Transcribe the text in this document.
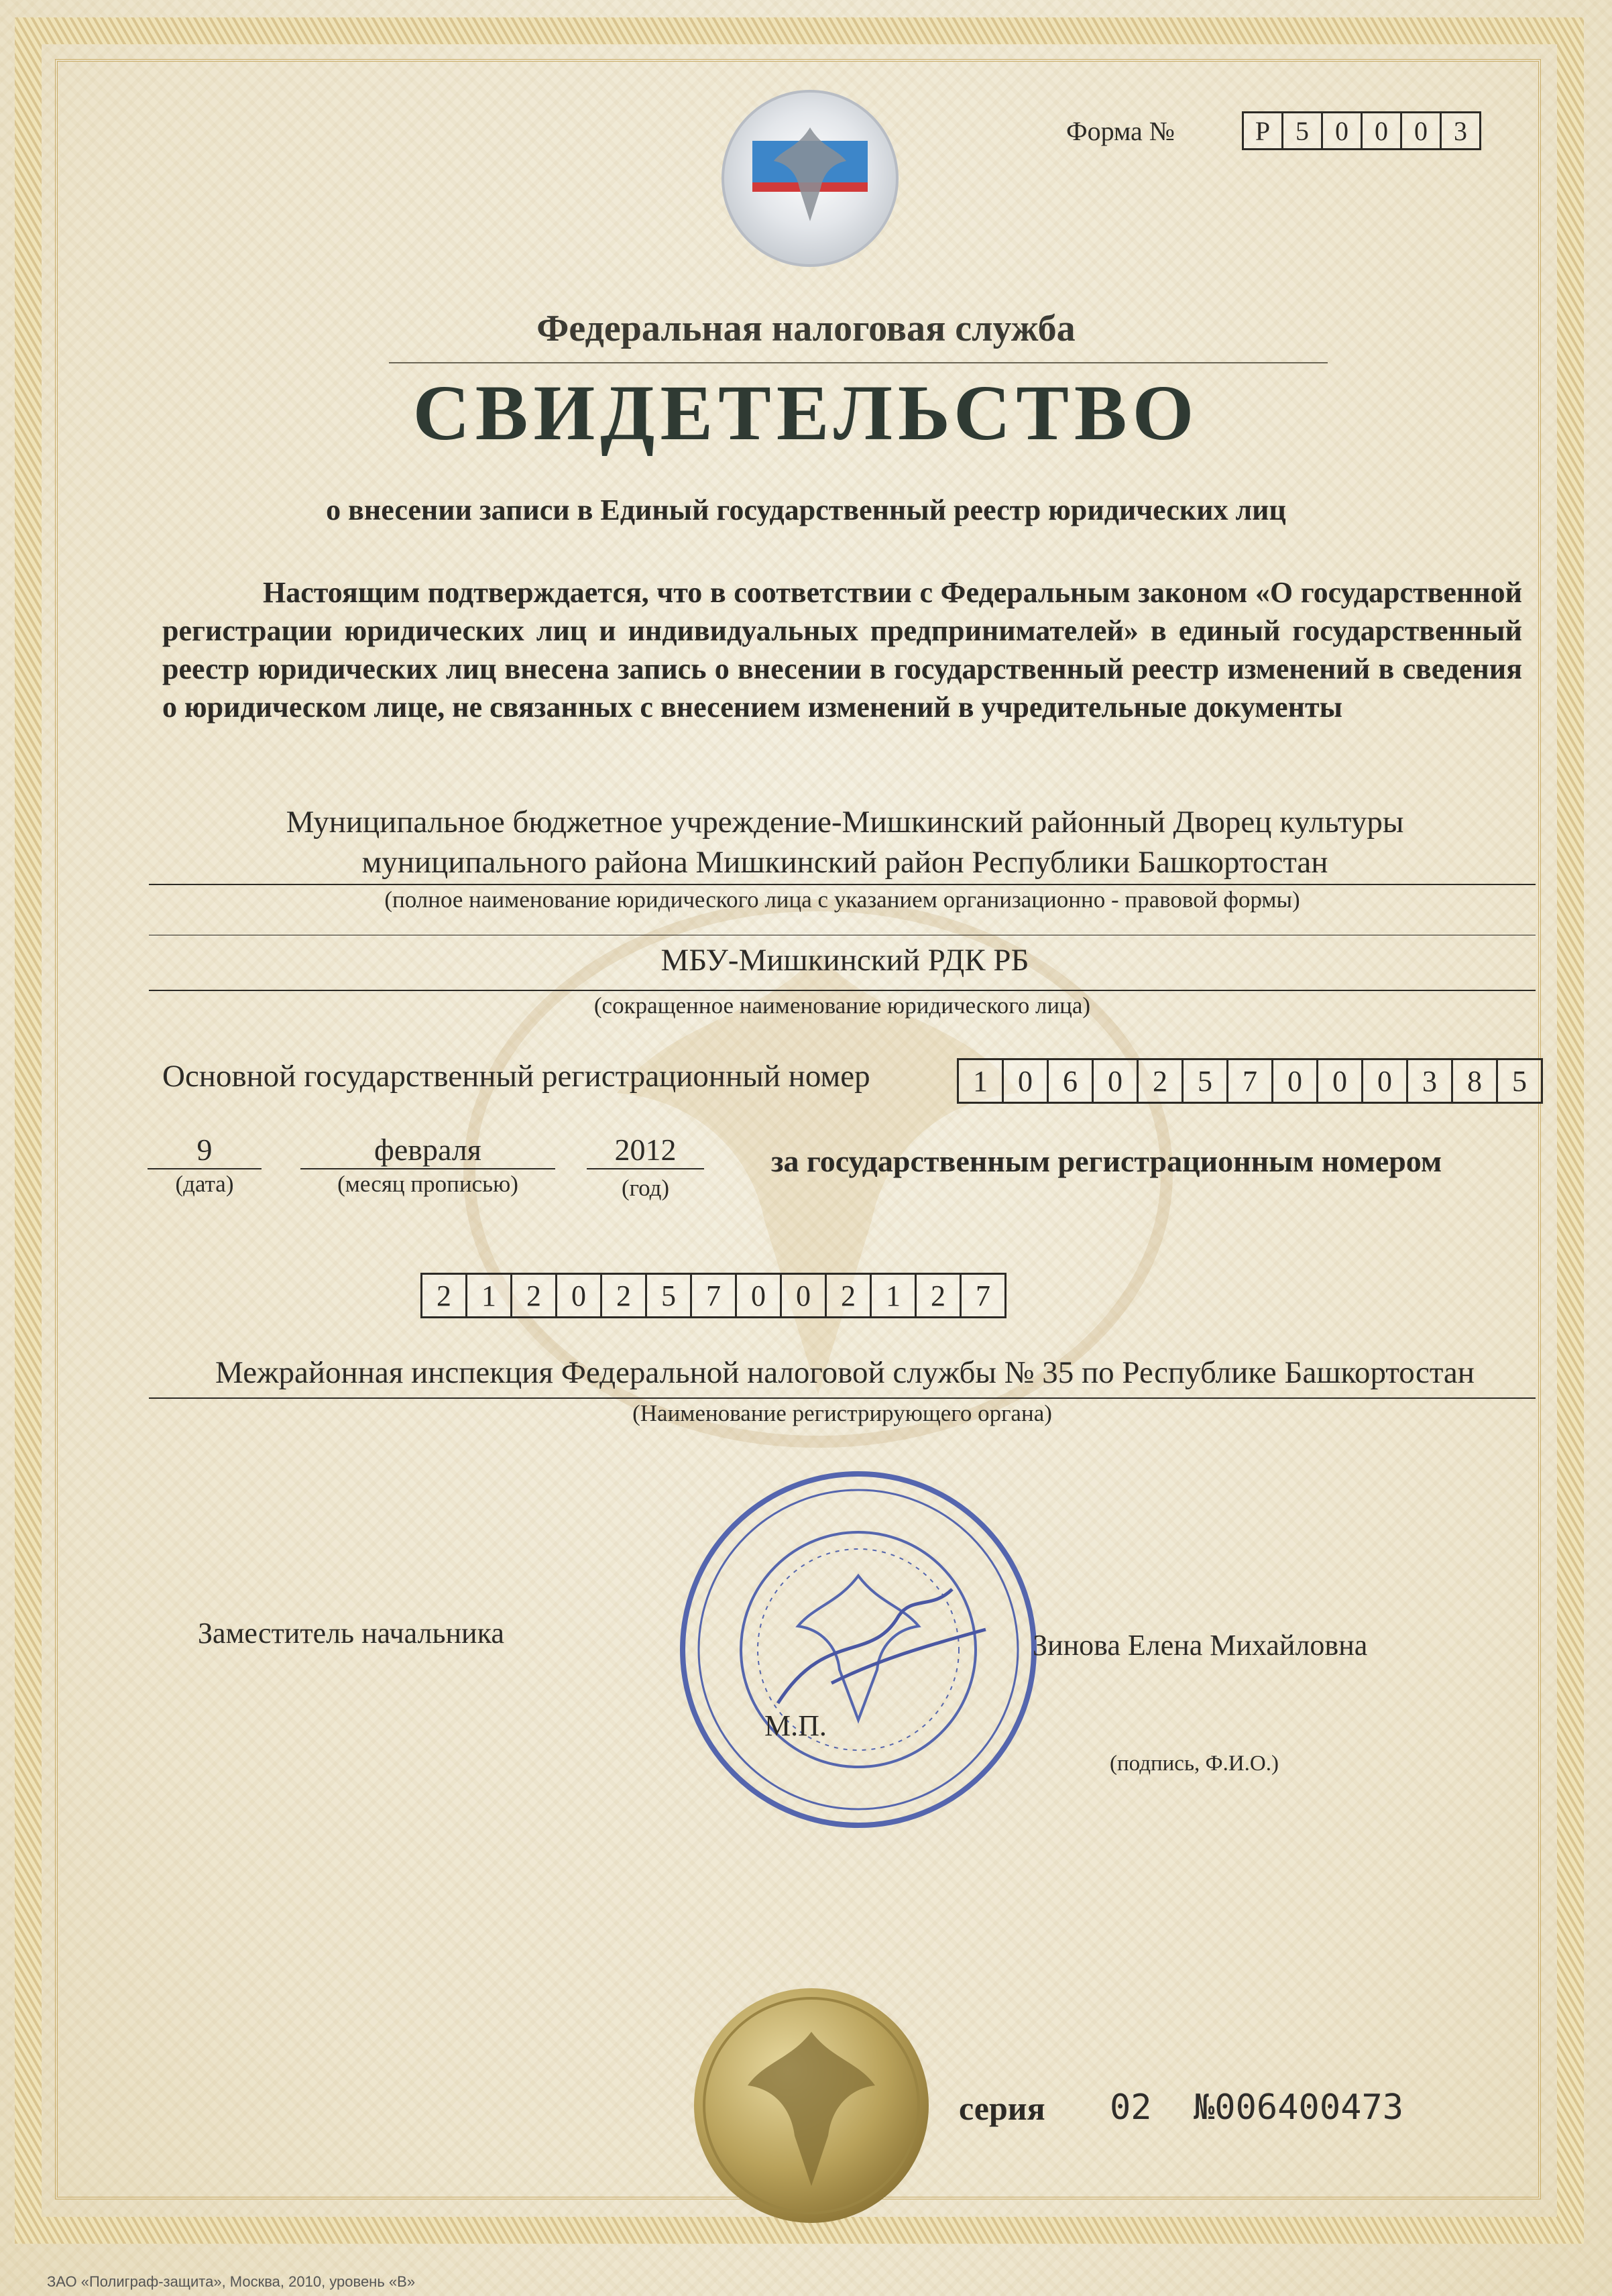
Форма №	Р 5 0 0 0 3
Федеральная налоговая служба
СВИДЕТЕЛЬСТВО
о внесении записи в Единый государственный реестр юридических лиц
Настоящим подтверждается, что в соответствии с Федеральным законом «О государственной регистрации юридических лиц и индивидуальных предпринимателей» в единый государственный реестр юридических лиц внесена запись о внесении в государственный реестр изменений в сведения о юридическом лице, не связанных с внесением изменений в учредительные документы
Муниципальное бюджетное учреждение-Мишкинский районный Дворец культуры
муниципального района Мишкинский район Республики Башкортостан
(полное наименование юридического лица с указанием организационно - правовой формы)
МБУ-Мишкинский РДК РБ
(сокращенное наименование юридического лица)
Основной государственный регистрационный номер	1	0	6	0	2	5	7	0	0	0	3	8	5
9
(дата)
февраля
(месяц прописью)
2012
(год)
за государственным регистрационным номером
2	1	2	0	2	5	7	0	0	2	1	2	7
Межрайонная инспекция Федеральной налоговой службы № 35 по Республике Башкортостан
(Наименование регистрирующего органа)
Заместитель начальника	Зинова Елена Михайловна
М.П.
(подпись, Ф.И.О.)
серия 02 №006400473
ЗАО «Полиграф-защита», Москва, 2010, уровень «В»
